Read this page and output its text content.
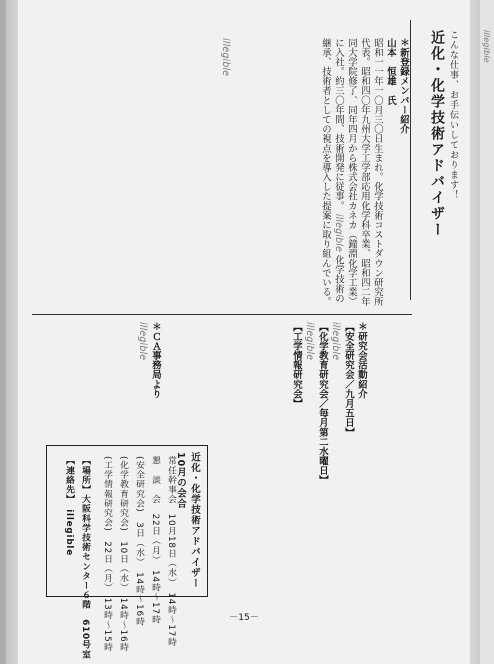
こんな仕事、お手伝いしております！
近化・化学技術アドバイザー
＊新登録メンバー紹介
山本　恒雄　氏
昭和一一年一〇月三〇日生まれ。化学技術コストダウン研究所代表。昭和四〇年九州大学工学部応用化学科卒業、昭和四二年同大学院修了、同年四月から株式会社カネカ（鐘淵化学工業）に入社。約三〇年間、技術開発に従事。 illegible 化学技術の継承、技術者としての視点を導入した提案に取り組んでいる。
＊研究会活動紹介
【安全研究会／九月五日】
illegible
【化学教育研究会／毎月第二水曜日】
illegible
【工学情報研究会】
近化・化学技術アドバイザー　10月の会合
常任幹事会　10月18日（水）　14時〜17時
懇　談　会　22日（月）　14時〜17時
(安全研究会)　3日（水）　14時〜16時
(化学教育研究会)　10日（水）　14時〜16時
(工学情報研究会)　22日（月）　13時〜15時
【場所】大阪科学技術センター６階　610号室
【連絡先】　illegible
illegible
＊ＣＡ事務局より
illegible
－15－
illegible
